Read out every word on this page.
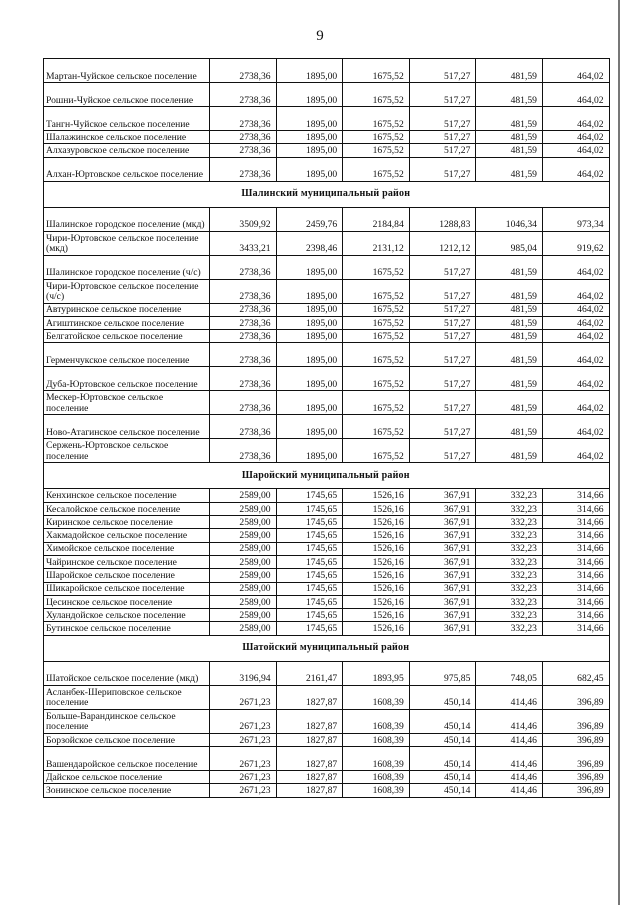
9
Мартан-Чуйское сельское поселение	2738,36	1895,00	1675,52	517,27	481,59	464,02
Рошни-Чуйское сельское поселение	2738,36	1895,00	1675,52	517,27	481,59	464,02
Тангн-Чуйское сельское поселение	2738,36	1895,00	1675,52	517,27	481,59	464,02
Шалажинское сельское поселение	2738,36	1895,00	1675,52	517,27	481,59	464,02
Алхазуровское сельское поселение	2738,36	1895,00	1675,52	517,27	481,59	464,02
Алхан-Юртовское сельское поселение	2738,36	1895,00	1675,52	517,27	481,59	464,02
Шалинский муниципальный район						
Шалинское городское поселение (мкд)	3509,92	2459,76	2184,84	1288,83	1046,34	973,34
Чири-Юртовское сельское поселение (мкд)	3433,21	2398,46	2131,12	1212,12	985,04	919,62
Шалинское городское поселение (ч/с)	2738,36	1895,00	1675,52	517,27	481,59	464,02
Чири-Юртовское сельское поселение (ч/с)	2738,36	1895,00	1675,52	517,27	481,59	464,02
Автуринское сельское поселение	2738,36	1895,00	1675,52	517,27	481,59	464,02
Агиштинское сельское поселение	2738,36	1895,00	1675,52	517,27	481,59	464,02
Белгатойское сельское поселение	2738,36	1895,00	1675,52	517,27	481,59	464,02
Герменчукское сельское поселение	2738,36	1895,00	1675,52	517,27	481,59	464,02
Дуба-Юртовское сельское поселение	2738,36	1895,00	1675,52	517,27	481,59	464,02
Мескер-Юртовское сельское поселение	2738,36	1895,00	1675,52	517,27	481,59	464,02
Ново-Атагинское сельское поселение	2738,36	1895,00	1675,52	517,27	481,59	464,02
Сержень-Юртовское сельское поселение	2738,36	1895,00	1675,52	517,27	481,59	464,02
Шаройский муниципальный район						
Кенхинское сельское поселение	2589,00	1745,65	1526,16	367,91	332,23	314,66
Кесалойское сельское поселение	2589,00	1745,65	1526,16	367,91	332,23	314,66
Киринское сельское поселение	2589,00	1745,65	1526,16	367,91	332,23	314,66
Хакмадойское сельское поселение	2589,00	1745,65	1526,16	367,91	332,23	314,66
Химойское сельское поселение	2589,00	1745,65	1526,16	367,91	332,23	314,66
Чайринское сельское поселение	2589,00	1745,65	1526,16	367,91	332,23	314,66
Шаройское сельское поселение	2589,00	1745,65	1526,16	367,91	332,23	314,66
Шикаройское сельское поселение	2589,00	1745,65	1526,16	367,91	332,23	314,66
Цесинское сельское поселение	2589,00	1745,65	1526,16	367,91	332,23	314,66
Хуландойское сельское поселение	2589,00	1745,65	1526,16	367,91	332,23	314,66
Бутинское сельское поселение	2589,00	1745,65	1526,16	367,91	332,23	314,66
Шатойский муниципальный район						
Шатойское сельское поселение (мкд)	3196,94	2161,47	1893,95	975,85	748,05	682,45
Асланбек-Шериповское сельское поселение	2671,23	1827,87	1608,39	450,14	414,46	396,89
Больше-Варандинское сельское поселение	2671,23	1827,87	1608,39	450,14	414,46	396,89
Борзойское сельское поселение	2671,23	1827,87	1608,39	450,14	414,46	396,89
Вашендаройское сельское поселение	2671,23	1827,87	1608,39	450,14	414,46	396,89
Дайское сельское поселение	2671,23	1827,87	1608,39	450,14	414,46	396,89
Зонинское сельское поселение	2671,23	1827,87	1608,39	450,14	414,46	396,89
